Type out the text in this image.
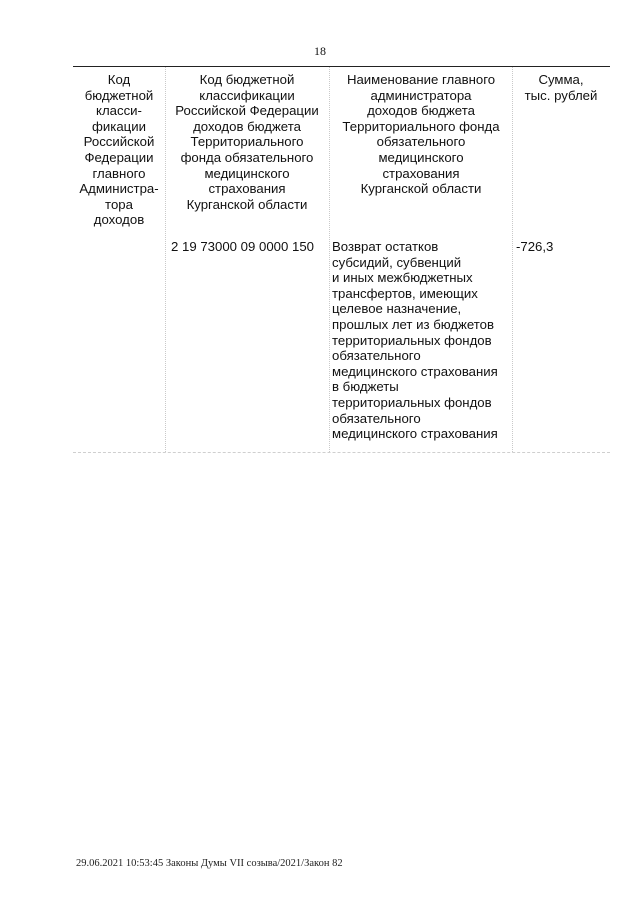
18
Код
бюджетной
класси-
фикации
Российской
Федерации
главного
Администра-
тора
доходов
Код бюджетной
классификации
Российской Федерации
доходов бюджета
Территориального
фонда обязательного
медицинского
страхования
Курганской области
Наименование главного
администратора
доходов бюджета
Территориального фонда
обязательного
медицинского
страхования
Курганской области
Сумма,
тыс. рублей
2 19 73000 09 0000 150	Возврат остатков
субсидий, субвенций
и иных межбюджетных
трансфертов, имеющих
целевое назначение,
прошлых лет из бюджетов
территориальных фондов
обязательного
медицинского страхования
в бюджеты
территориальных фондов
обязательного
медицинского страхования
-726,3
29.06.2021 10:53:45 Законы Думы VII созыва/2021/Закон 82
